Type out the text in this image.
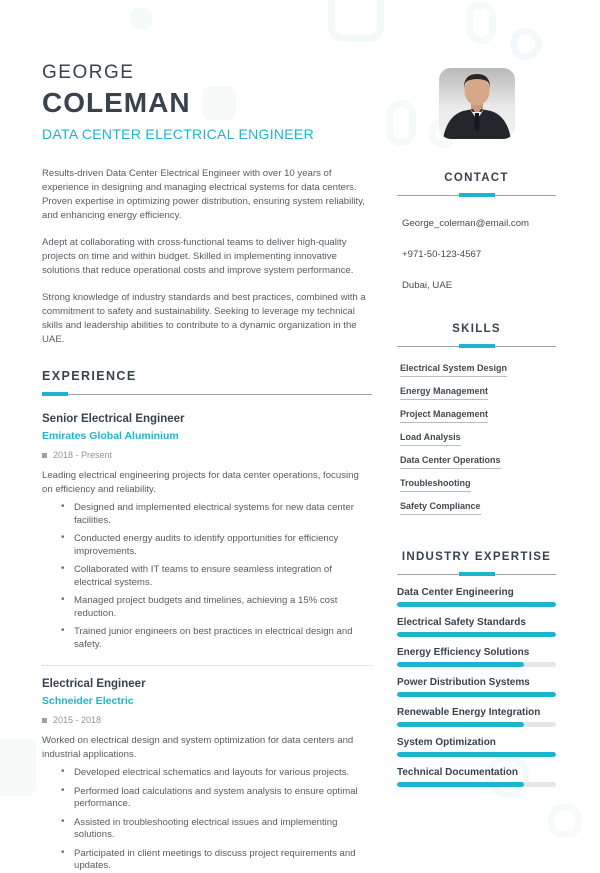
GEORGE
COLEMAN
DATA CENTER ELECTRICAL ENGINEER

Results-driven Data Center Electrical Engineer with over 10 years of experience in designing and managing electrical systems for data centers. Proven expertise in optimizing power distribution, ensuring system reliability, and enhancing energy efficiency.

Adept at collaborating with cross-functional teams to deliver high-quality projects on time and within budget. Skilled in implementing innovative solutions that reduce operational costs and improve system performance.

Strong knowledge of industry standards and best practices, combined with a commitment to safety and sustainability. Seeking to leverage my technical skills and leadership abilities to contribute to a dynamic organization in the UAE.

EXPERIENCE
Senior Electrical Engineer
Emirates Global Aluminium
2018 - Present

Leading electrical engineering projects for data center operations, focusing on efficiency and reliability.

• Designed and implemented electrical systems for new data center facilities.
• Conducted energy audits to identify opportunities for efficiency improvements.
• Collaborated with IT teams to ensure seamless integration of electrical systems.
• Managed project budgets and timelines, achieving a 15% cost reduction.
• Trained junior engineers on best practices in electrical design and safety.
Electrical Engineer
Schneider Electric
2015 - 2018

Worked on electrical design and system optimization for data centers and industrial applications.

• Developed electrical schematics and layouts for various projects.
• Performed load calculations and system analysis to ensure optimal performance.
• Assisted in troubleshooting electrical issues and implementing solutions.
• Participated in client meetings to discuss project requirements and updates.
CONTACT
George_coleman@email.com
+971-50-123-4567
Dubai, UAE
SKILLS
Electrical System Design
Energy Management
Project Management
Load Analysis
Data Center Operations
Troubleshooting
Safety Compliance
INDUSTRY EXPERTISE
Data Center Engineering
Electrical Safety Standards
Energy Efficiency Solutions
Power Distribution Systems
Renewable Energy Integration
System Optimization
Technical Documentation
